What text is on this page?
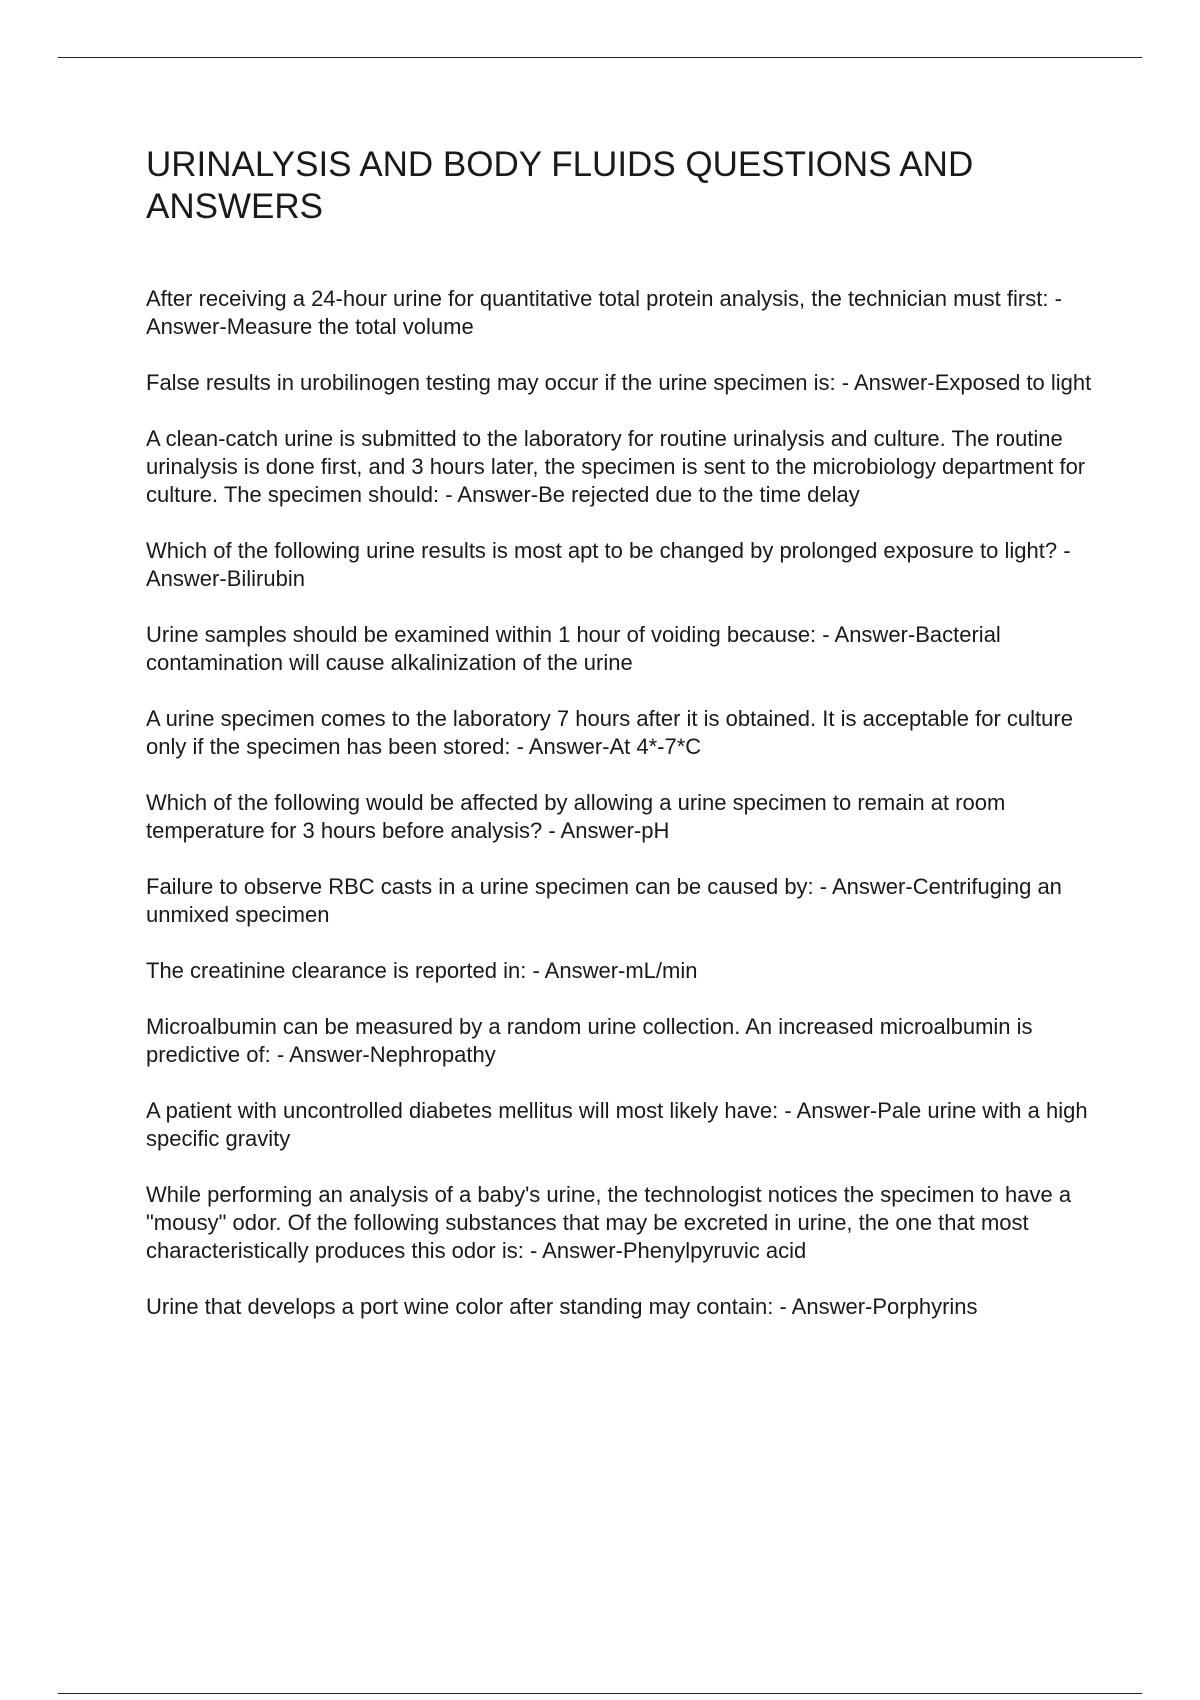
URINALYSIS AND BODY FLUIDS QUESTIONS AND ANSWERS
After receiving a 24-hour urine for quantitative total protein analysis, the technician must first: - Answer-Measure the total volume
False results in urobilinogen testing may occur if the urine specimen is: - Answer-Exposed to light
A clean-catch urine is submitted to the laboratory for routine urinalysis and culture. The routine urinalysis is done first, and 3 hours later, the specimen is sent to the microbiology department for culture. The specimen should: - Answer-Be rejected due to the time delay
Which of the following urine results is most apt to be changed by prolonged exposure to light? - Answer-Bilirubin
Urine samples should be examined within 1 hour of voiding because: - Answer-Bacterial contamination will cause alkalinization of the urine
A urine specimen comes to the laboratory 7 hours after it is obtained. It is acceptable for culture only if the specimen has been stored: - Answer-At 4*-7*C
Which of the following would be affected by allowing a urine specimen to remain at room temperature for 3 hours before analysis? - Answer-pH
Failure to observe RBC casts in a urine specimen can be caused by: - Answer-Centrifuging an unmixed specimen
The creatinine clearance is reported in: - Answer-mL/min
Microalbumin can be measured by a random urine collection. An increased microalbumin is predictive of: - Answer-Nephropathy
A patient with uncontrolled diabetes mellitus will most likely have: - Answer-Pale urine with a high specific gravity
While performing an analysis of a baby's urine, the technologist notices the specimen to have a "mousy" odor. Of the following substances that may be excreted in urine, the one that most characteristically produces this odor is: - Answer-Phenylpyruvic acid
Urine that develops a port wine color after standing may contain: - Answer-Porphyrins
